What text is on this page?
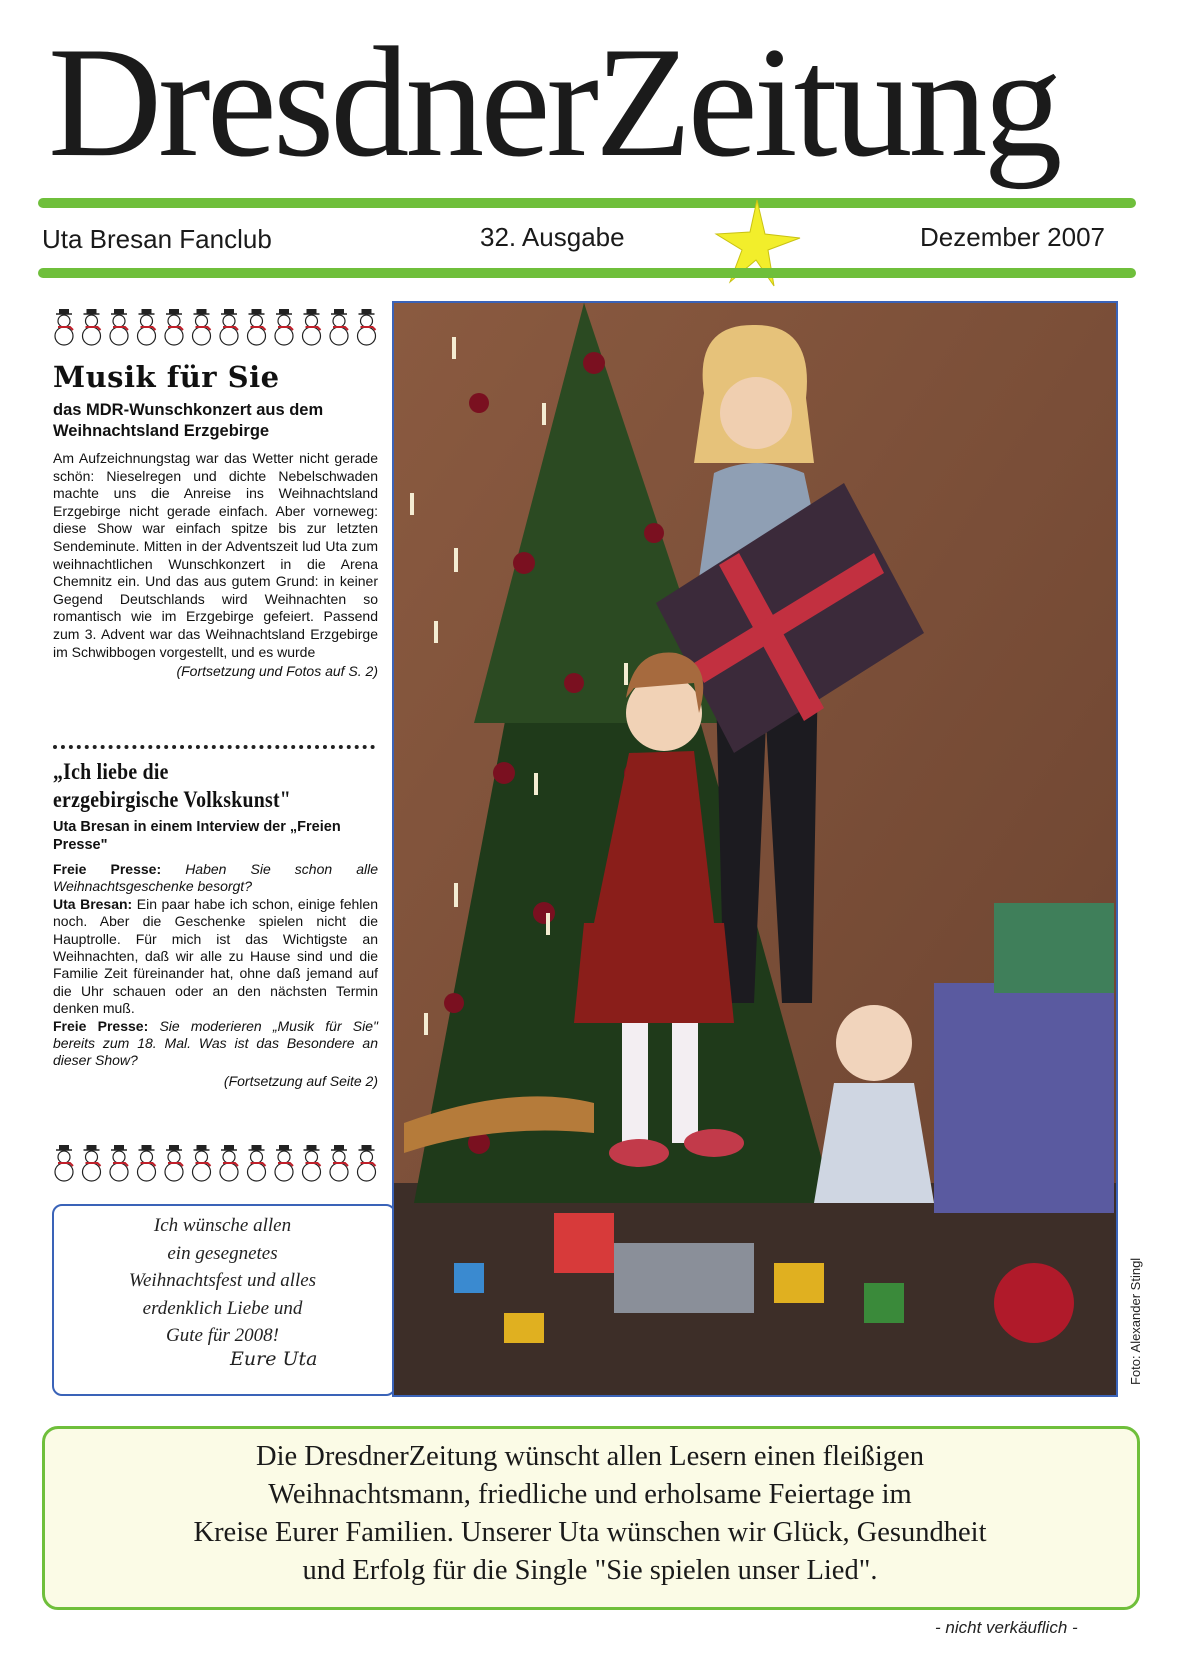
DresdnerZeitung
Uta Bresan Fanclub	32. Ausgabe	Dezember 2007
Musik für Sie
das MDR-Wunschkonzert aus dem Weihnachtsland Erzgebirge
Am Aufzeichnungstag war das Wetter nicht gerade schön: Nieselregen und dichte Nebelschwaden machte uns die Anreise ins Weihnachtsland Erzgebirge nicht gerade einfach. Aber vorneweg: diese Show war einfach spitze bis zur letzten Sendeminute. Mitten in der Adventszeit lud Uta zum weihnachtlichen Wunschkonzert in die Arena Chemnitz ein. Und das aus gutem Grund: in keiner Gegend Deutschlands wird Weihnachten so romantisch wie im Erzgebirge gefeiert. Passend zum 3. Advent war das Weihnachtsland Erzgebirge im Schwibbogen vorgestellt, und es wurde
(Fortsetzung und Fotos auf S. 2)
„Ich liebe die
erzgebirgische Volkskunst"
Uta Bresan in einem Interview der „Freien Presse"
Freie Presse: Haben Sie schon alle Weihnachtsgeschenke besorgt?
Uta Bresan: Ein paar habe ich schon, einige fehlen noch. Aber die Geschenke spielen nicht die Hauptrolle. Für mich ist das Wichtigste an Weihnachten, daß wir alle zu Hause sind und die Familie Zeit füreinander hat, ohne daß jemand auf die Uhr schauen oder an den nächsten Termin denken muß.
Freie Presse: Sie moderieren „Musik für Sie" bereits zum 18. Mal. Was ist das Besondere an dieser Show?
(Fortsetzung auf Seite 2)
Ich wünsche allen
ein gesegnetes
Weihnachtsfest und alles
erdenklich Liebe und
Gute für 2008!
Eure Uta	Foto: Alexander Stingl
Die DresdnerZeitung wünscht allen Lesern einen fleißigen
Weihnachtsmann, friedliche und erholsame Feiertage im
Kreise Eurer Familien. Unserer Uta wünschen wir Glück, Gesundheit
und Erfolg für die Single "Sie spielen unser Lied".
- nicht verkäuflich -
